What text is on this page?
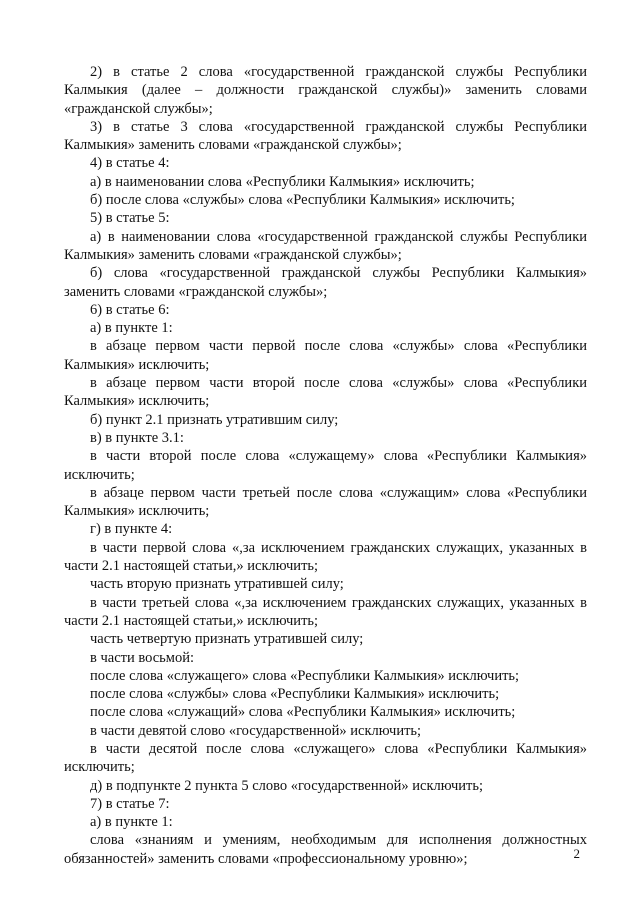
2) в статье 2 слова «государственной гражданской службы Республики Калмыкия (далее – должности гражданской службы)» заменить словами «гражданской службы»;

3) в статье 3 слова «государственной гражданской службы Республики Калмыкия» заменить словами «гражданской службы»;

4) в статье 4:

а) в наименовании слова «Республики Калмыкия» исключить;

б) после слова «службы» слова «Республики Калмыкия» исключить;

5) в статье 5:

а) в наименовании слова «государственной гражданской службы Республики Калмыкия» заменить словами «гражданской службы»;

б) слова «государственной гражданской службы Республики Калмыкия» заменить словами «гражданской службы»;

6) в статье 6:

а) в пункте 1:

в абзаце первом части первой после слова «службы» слова «Республики Калмыкия» исключить;

в абзаце первом части второй после слова «службы» слова «Республики Калмыкия» исключить;

б) пункт 2.1 признать утратившим силу;

в) в пункте 3.1:

в части второй после слова «служащему» слова «Республики Калмыкия» исключить;

в абзаце первом части третьей после слова «служащим» слова «Республики Калмыкия» исключить;

г) в пункте 4:

в части первой слова «,за исключением гражданских служащих, указанных в части 2.1 настоящей статьи,» исключить;

часть вторую признать утратившей силу;

в части третьей слова «,за исключением гражданских служащих, указанных в части 2.1 настоящей статьи,» исключить;

часть четвертую признать утратившей силу;

в части восьмой:

после слова «служащего» слова «Республики Калмыкия» исключить;

после слова «службы» слова «Республики Калмыкия» исключить;

после слова «служащий» слова «Республики Калмыкия» исключить;

в части девятой слово «государственной» исключить;

в части десятой после слова «служащего» слова «Республики Калмыкия» исключить;

д) в подпункте 2 пункта 5 слово «государственной» исключить;

7) в статье 7:

а) в пункте 1:

слова «знаниям и умениям, необходимым для исполнения должностных обязанностей» заменить словами «профессиональному уровню»;	2
